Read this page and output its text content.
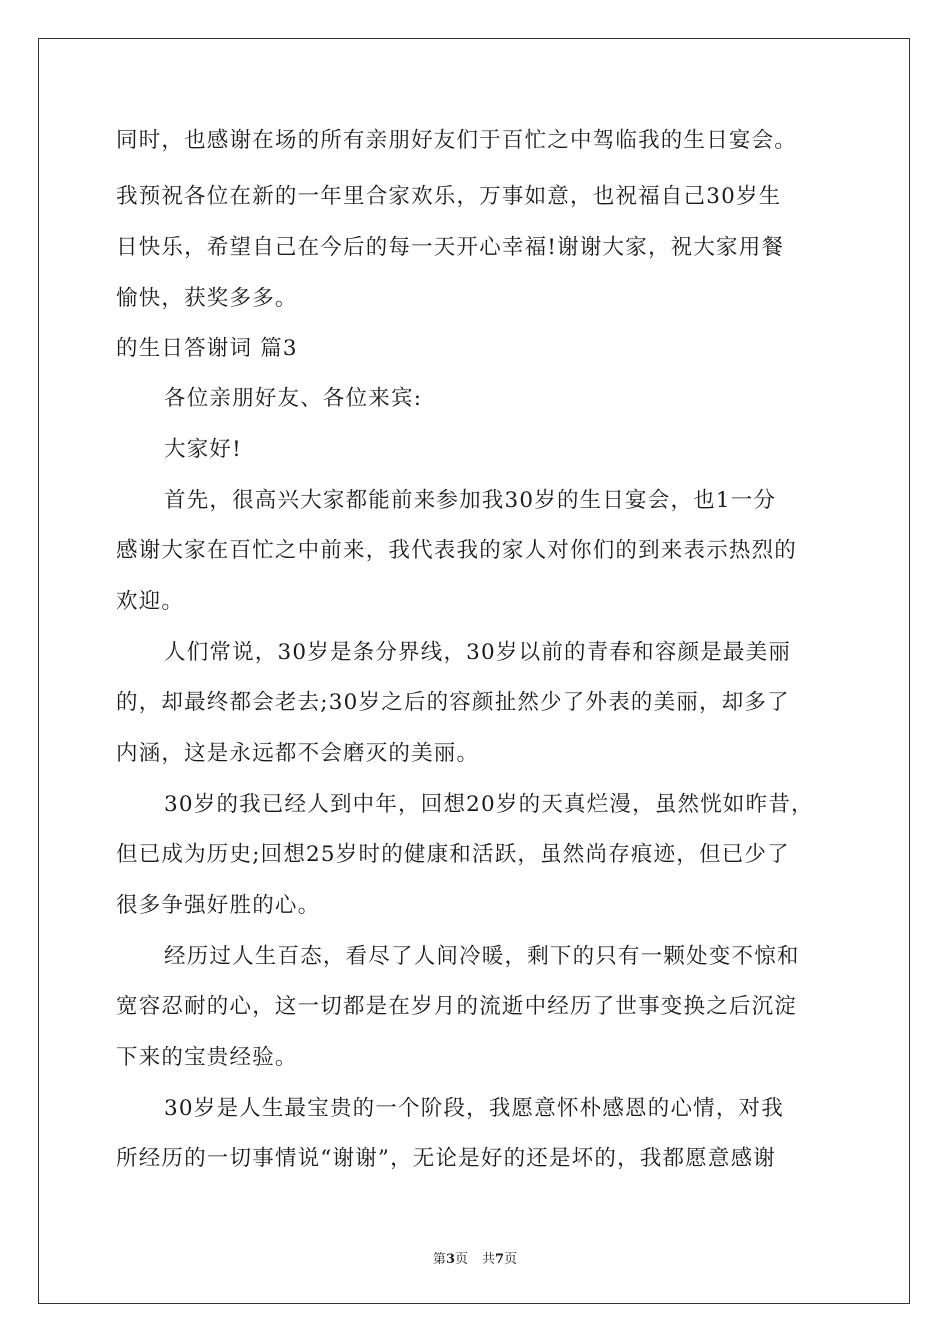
同时，也感谢在场的所有亲朋好友们于百忙之中驾临我的生日宴会。
我预祝各位在新的一年里合家欢乐，万事如意，也祝福自己30岁生
日快乐，希望自己在今后的每一天开心幸福!谢谢大家，祝大家用餐
愉快，获奖多多。
的生日答谢词 篇3
各位亲朋好友、各位来宾:
大家好!
首先，很高兴大家都能前来参加我30岁的生日宴会，也1一分
感谢大家在百忙之中前来，我代表我的家人对你们的到来表示热烈的
欢迎。
人们常说，30岁是条分界线，30岁以前的青春和容颜是最美丽
的，却最终都会老去;30岁之后的容颜扯然少了外表的美丽，却多了
内涵，这是永远都不会磨灭的美丽。
30岁的我已经人到中年，回想20岁的天真烂漫，虽然恍如昨昔，
但已成为历史;回想25岁时的健康和活跃，虽然尚存痕迹，但已少了
很多争强好胜的心。
经历过人生百态，看尽了人间冷暖，剩下的只有一颗处变不惊和
宽容忍耐的心，这一切都是在岁月的流逝中经历了世事变换之后沉淀
下来的宝贵经验。
30岁是人生最宝贵的一个阶段，我愿意怀朴感恩的心情，对我
所经历的一切事情说“谢谢”，无论是好的还是坏的，我都愿意感谢
第3页 共7页
